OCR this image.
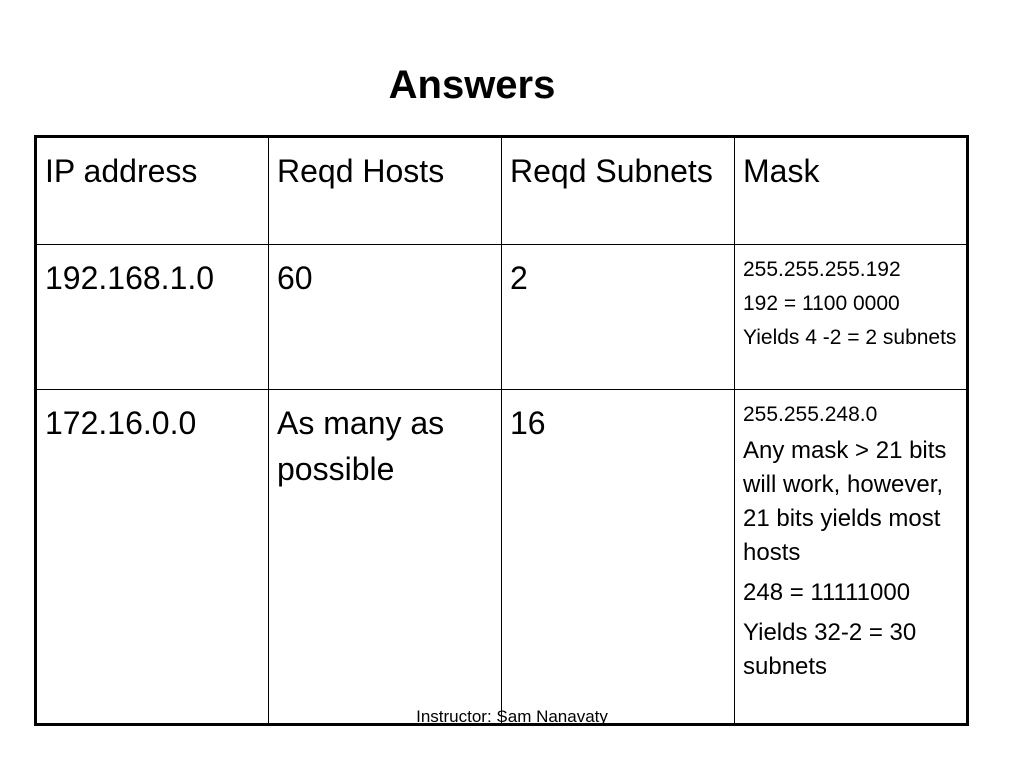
Answers
IP address	Reqd Hosts	Reqd Subnets	Mask
192.168.1.0	60	2	255.255.255.192
192 = 1100 0000
Yields 4 -2 = 2 subnets

172.16.0.0	As many as possible	16	255.255.248.0
Any mask > 21 bits will work, however, 21 bits yields most hosts
248 = 11111000
Yields 32-2 = 30 subnets
Instructor: Sam Nanavaty
